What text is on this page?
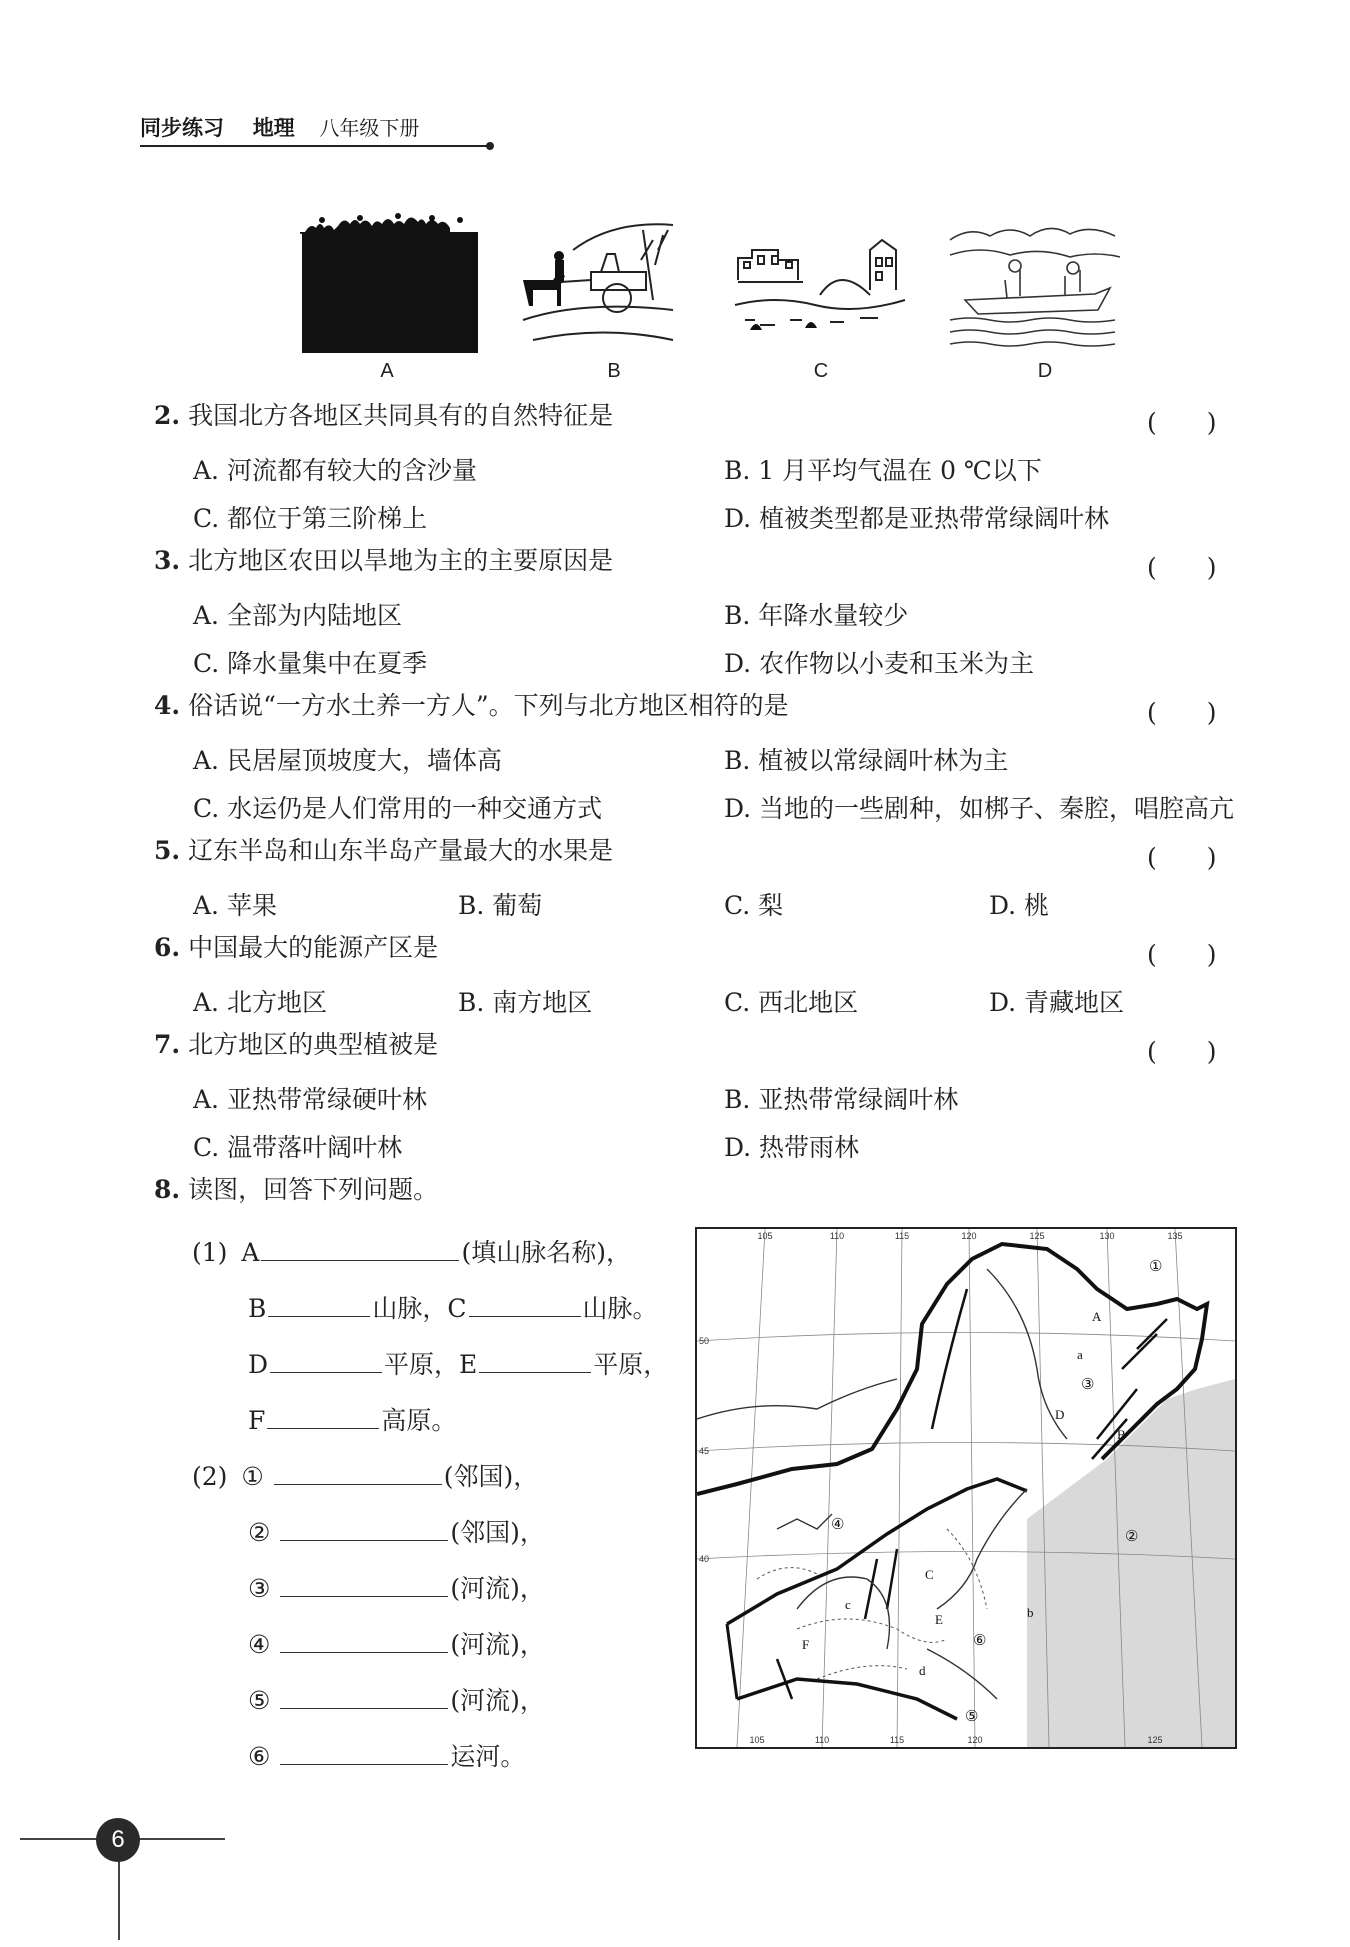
同步练习 地理 八年级下册
A	B	C	D
2. 我国北方各地区共同具有的自然特征是	(　　)
A. 河流都有较大的含沙量	B. 1 月平均气温在 0 ℃以下
C. 都位于第三阶梯上	D. 植被类型都是亚热带常绿阔叶林
3. 北方地区农田以旱地为主的主要原因是	(　　)
A. 全部为内陆地区	B. 年降水量较少
C. 降水量集中在夏季	D. 农作物以小麦和玉米为主
4. 俗话说“一方水土养一方人”。下列与北方地区相符的是	(　　)
A. 民居屋顶坡度大，墙体高	B. 植被以常绿阔叶林为主
C. 水运仍是人们常用的一种交通方式	D. 当地的一些剧种，如梆子、秦腔，唱腔高亢
5. 辽东半岛和山东半岛产量最大的水果是	(　　)
A. 苹果	B. 葡萄	C. 梨	D. 桃
6. 中国最大的能源产区是	(　　)
A. 北方地区	B. 南方地区	C. 西北地区	D. 青藏地区
7. 北方地区的典型植被是	(　　)
A. 亚热带常绿硬叶林	B. 亚热带常绿阔叶林
C. 温带落叶阔叶林	D. 热带雨林
8. 读图，回答下列问题。
(1) A	(填山脉名称)，
B	山脉，C	山脉。
D	平原，E	平原，
F	高原。
(2) ①	(邻国)，
②	(邻国)，
③	(河流)，
④	(河流)，
⑤	(河流)，
⑥	运河。
105	110	115	120	125	130	135
105	110	115	120	125
50
45
40
A
B
C
D
E
F
a
b
c
d
①
②
③
④
⑤
⑥
6
